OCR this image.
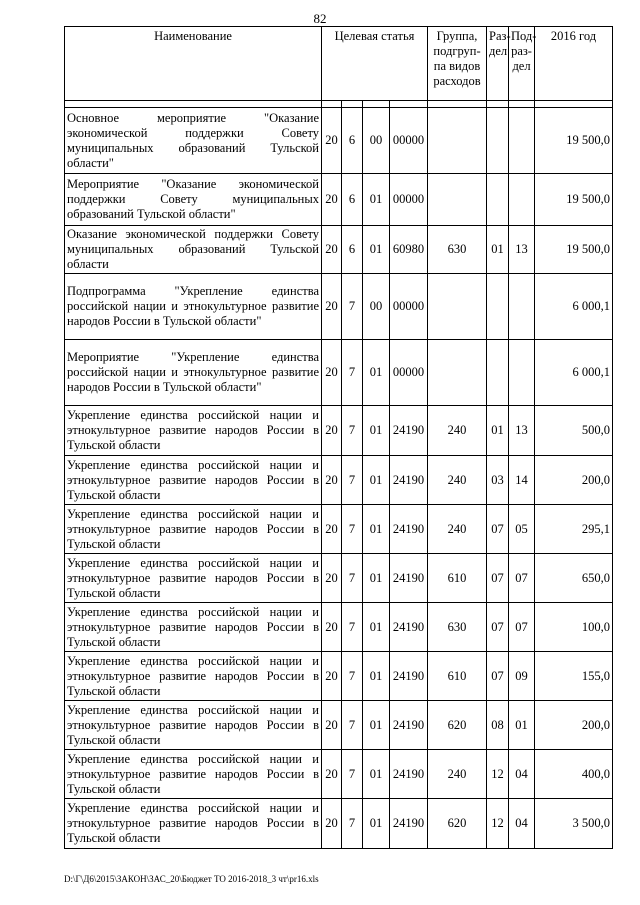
82
Наименование	Целевая статья				Группа, подгруп-па видов расходов	Раз-дел	Под-раз-дел	2016 год

Основное мероприятие "Оказание экономической поддержки Совету муниципальных образований Тульской области"	20	6	00	00000				19 500,0
Мероприятие "Оказание экономической поддержки Совету муниципальных образований Тульской области"	20	6	01	00000				19 500,0
Оказание экономической поддержки Совету муниципальных образований Тульской области	20	6	01	60980	630	01	13	19 500,0
Подпрограмма "Укрепление единства российской нации и этнокультурное развитие народов России в Тульской области"	20	7	00	00000				6 000,1
Мероприятие "Укрепление единства российской нации и этнокультурное развитие народов России в Тульской области"	20	7	01	00000				6 000,1
Укрепление единства российской нации и этнокультурное развитие народов России в Тульской области	20	7	01	24190	240	01	13	500,0
Укрепление единства российской нации и этнокультурное развитие народов России в Тульской области	20	7	01	24190	240	03	14	200,0
Укрепление единства российской нации и этнокультурное развитие народов России в Тульской области	20	7	01	24190	240	07	05	295,1
Укрепление единства российской нации и этнокультурное развитие народов России в Тульской области	20	7	01	24190	610	07	07	650,0
Укрепление единства российской нации и этнокультурное развитие народов России в Тульской области	20	7	01	24190	630	07	07	100,0
Укрепление единства российской нации и этнокультурное развитие народов России в Тульской области	20	7	01	24190	610	07	09	155,0
Укрепление единства российской нации и этнокультурное развитие народов России в Тульской области	20	7	01	24190	620	08	01	200,0
Укрепление единства российской нации и этнокультурное развитие народов России в Тульской области	20	7	01	24190	240	12	04	400,0
Укрепление единства российской нации и этнокультурное развитие народов России в Тульской области	20	7	01	24190	620	12	04	3 500,0
D:\Г\Д6\2015\ЗАКОН\ЗАС_20\Бюджет ТО 2016-2018_3 чт\pr16.xls
